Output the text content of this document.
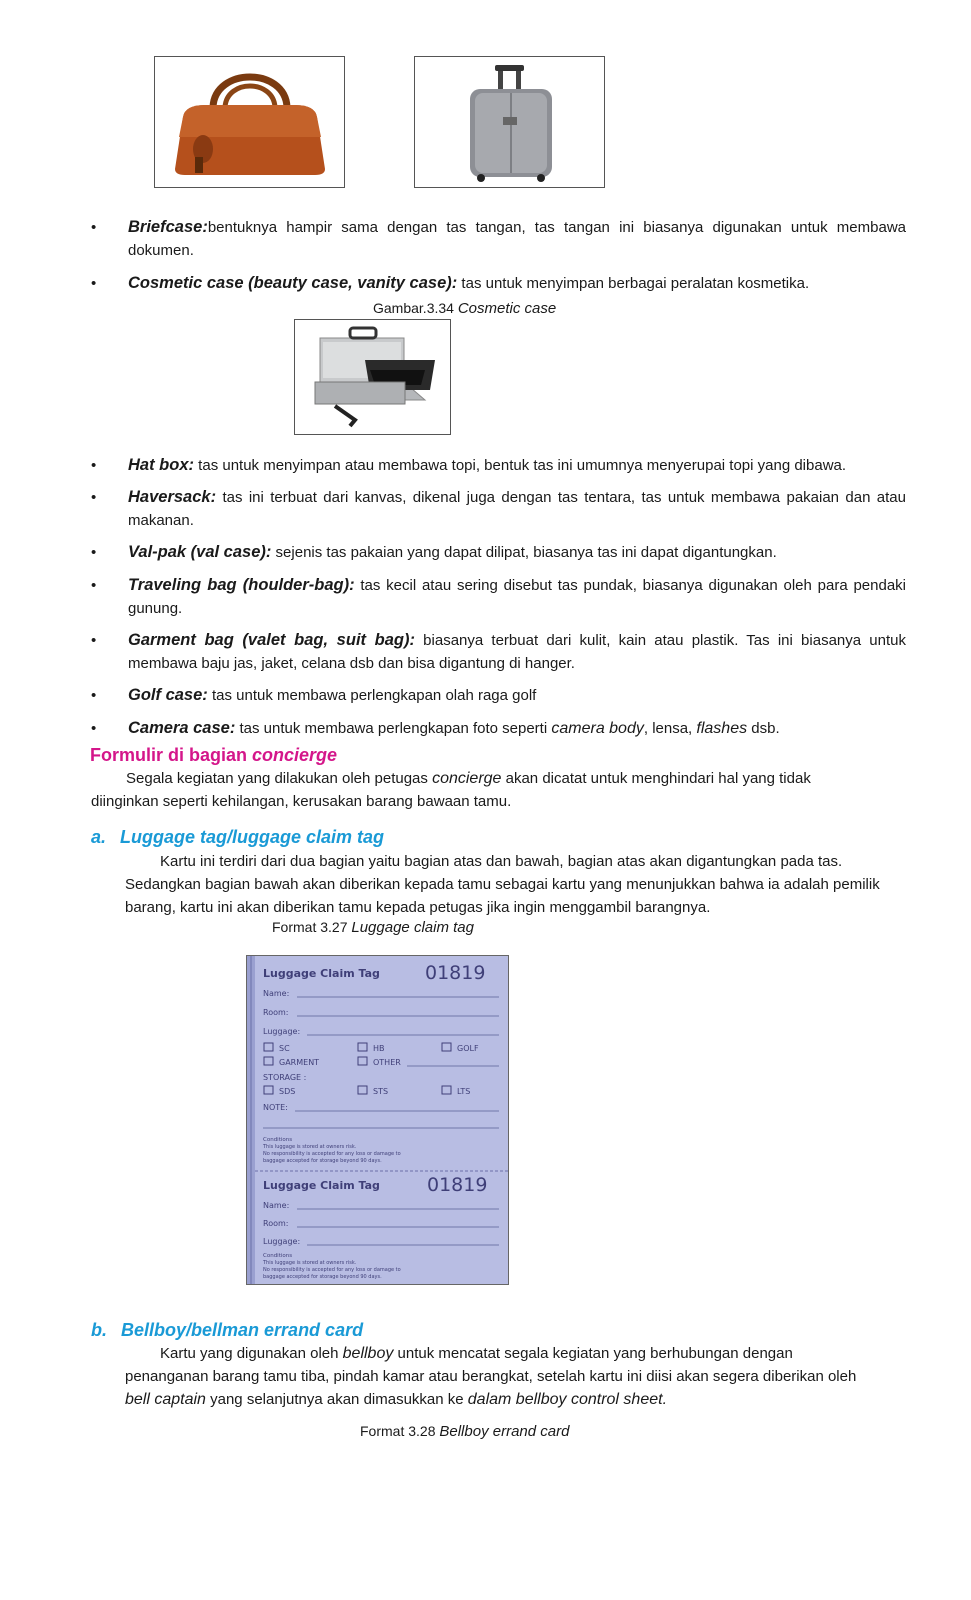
• Briefcase:bentuknya hampir sama dengan tas tangan, tas tangan ini biasanya digunakan untuk membawa dokumen.
• Cosmetic case (beauty case, vanity case): tas untuk menyimpan berbagai peralatan kosmetika.
Gambar.3.34 Cosmetic case
• Hat box: tas untuk menyimpan atau membawa topi, bentuk tas ini umumnya menyerupai topi yang dibawa.
• Haversack: tas ini terbuat dari kanvas, dikenal juga dengan tas tentara, tas untuk membawa pakaian dan atau makanan.
• Val-pak (val case): sejenis tas pakaian yang dapat dilipat, biasanya tas ini dapat digantungkan.
• Traveling bag (houlder-bag): tas kecil atau sering disebut tas pundak, biasanya digunakan oleh para pendaki gunung.
• Garment bag (valet bag, suit bag): biasanya terbuat dari kulit, kain atau plastik. Tas ini biasanya untuk membawa baju jas, jaket, celana dsb dan bisa digantung di hanger.
• Golf case: tas untuk membawa perlengkapan olah raga golf
• Camera case: tas untuk membawa perlengkapan foto seperti camera body, lensa, flashes dsb.
Formulir di bagian concierge
Segala kegiatan yang dilakukan oleh petugas concierge akan dicatat untuk menghindari hal yang tidak diinginkan seperti kehilangan, kerusakan barang bawaan tamu.
a. Luggage tag/luggage claim tag
Kartu ini terdiri dari dua bagian yaitu bagian atas dan bawah, bagian atas akan digantungkan pada tas. Sedangkan bagian bawah akan diberikan kepada tamu sebagai kartu yang menunjukkan bahwa ia adalah pemilik barang, kartu ini akan diberikan tamu kepada petugas jika ingin menggambil barangnya.
Format 3.27 Luggage claim tag
Luggage Claim Tag 01819
Name:
Room:
Luggage:
SC	HB	GOLF
GARMENT	OTHER
STORAGE :
SDS	STS	LTS
NOTE:
Conditions
This luggage is stored at owners risk.
No responsibility is accepted for any loss or damage to
baggage accepted for storage beyond 90 days.
Luggage Claim Tag 01819
Name:
Room:
Luggage:
Conditions
This luggage is stored at owners risk.
No responsibility is accepted for any loss or damage to
baggage accepted for storage beyond 90 days.
b. Bellboy/bellman errand card
Kartu yang digunakan oleh bellboy untuk mencatat segala kegiatan yang berhubungan dengan penanganan barang tamu tiba, pindah kamar atau berangkat, setelah kartu ini diisi akan segera diberikan oleh bell captain yang selanjutnya akan dimasukkan ke dalam bellboy control sheet.
Format 3.28 Bellboy errand card
